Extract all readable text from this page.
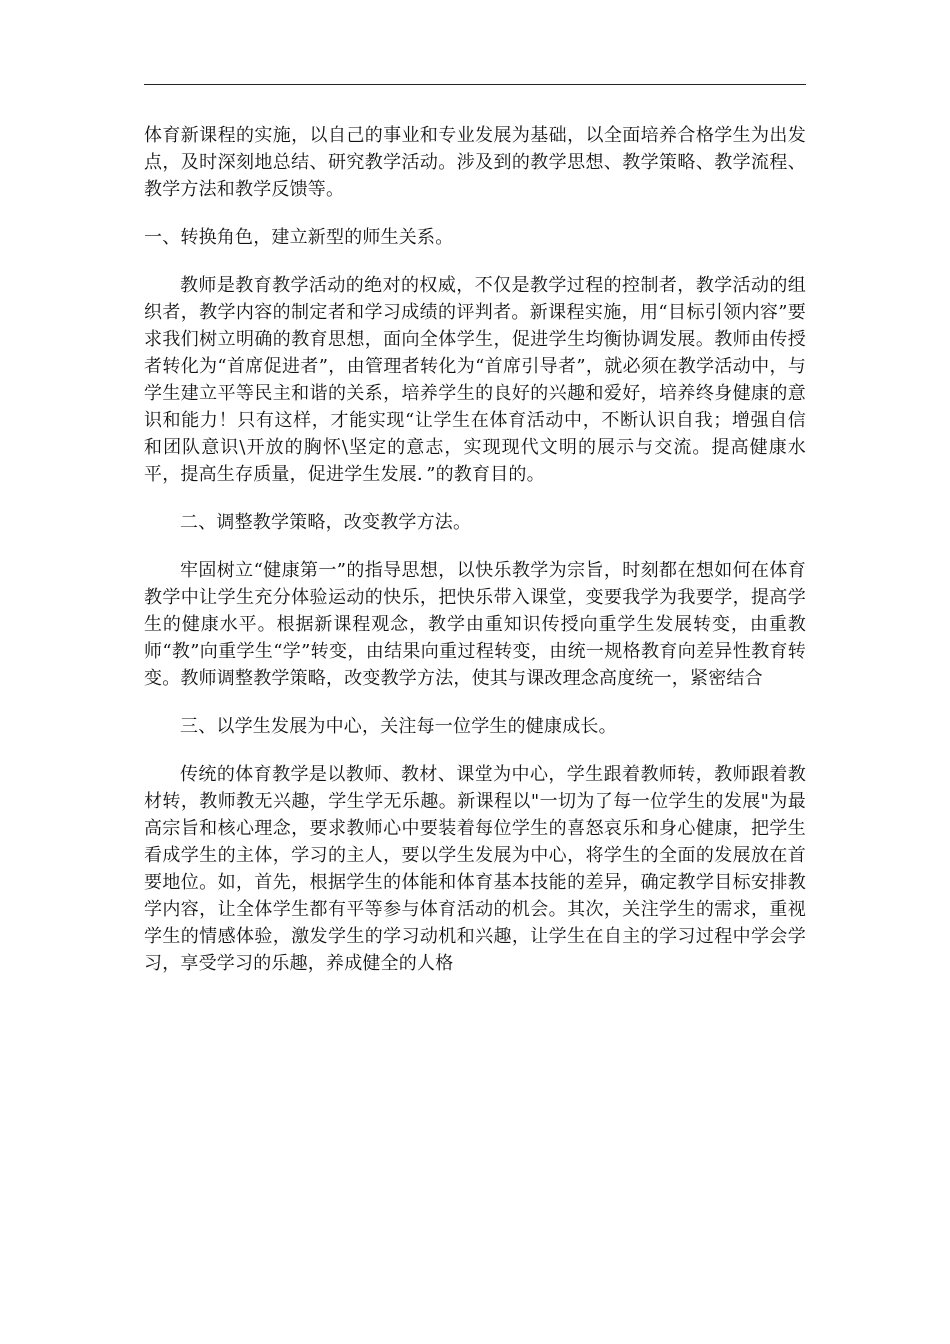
体育新课程的实施，以自己的事业和专业发展为基础，以全面培养合格学生为出发点，及时深刻地总结、研究教学活动。涉及到的教学思想、教学策略、教学流程、教学方法和教学反馈等。

一、转换角色，建立新型的师生关系。

教师是教育教学活动的绝对的权威，不仅是教学过程的控制者，教学活动的组织者，教学内容的制定者和学习成绩的评判者。新课程实施，用“目标引领内容”要求我们树立明确的教育思想，面向全体学生，促进学生均衡协调发展。教师由传授者转化为“首席促进者”，由管理者转化为“首席引导者”，就必须在教学活动中，与学生建立平等民主和谐的关系，培养学生的良好的兴趣和爱好，培养终身健康的意识和能力！只有这样，才能实现“让学生在体育活动中，不断认识自我；增强自信和团队意识\开放的胸怀\坚定的意志，实现现代文明的展示与交流。提高健康水平，提高生存质量，促进学生发展．”的教育目的。

二、调整教学策略，改变教学方法。

牢固树立“健康第一”的指导思想，以快乐教学为宗旨，时刻都在想如何在体育教学中让学生充分体验运动的快乐，把快乐带入课堂，变要我学为我要学，提高学生的健康水平。根据新课程观念，教学由重知识传授向重学生发展转变，由重教师“教”向重学生“学”转变，由结果向重过程转变，由统一规格教育向差异性教育转变。教师调整教学策略，改变教学方法，使其与课改理念高度统一，紧密结合

三、以学生发展为中心，关注每一位学生的健康成长。

传统的体育教学是以教师、教材、课堂为中心，学生跟着教师转，教师跟着教材转，教师教无兴趣，学生学无乐趣。新课程以"一切为了每一位学生的发展"为最高宗旨和核心理念，要求教师心中要装着每位学生的喜怒哀乐和身心健康，把学生看成学生的主体，学习的主人，要以学生发展为中心，将学生的全面的发展放在首要地位。如，首先，根据学生的体能和体育基本技能的差异，确定教学目标安排教学内容，让全体学生都有平等参与体育活动的机会。其次，关注学生的需求，重视学生的情感体验，激发学生的学习动机和兴趣，让学生在自主的学习过程中学会学习，享受学习的乐趣，养成健全的人格
